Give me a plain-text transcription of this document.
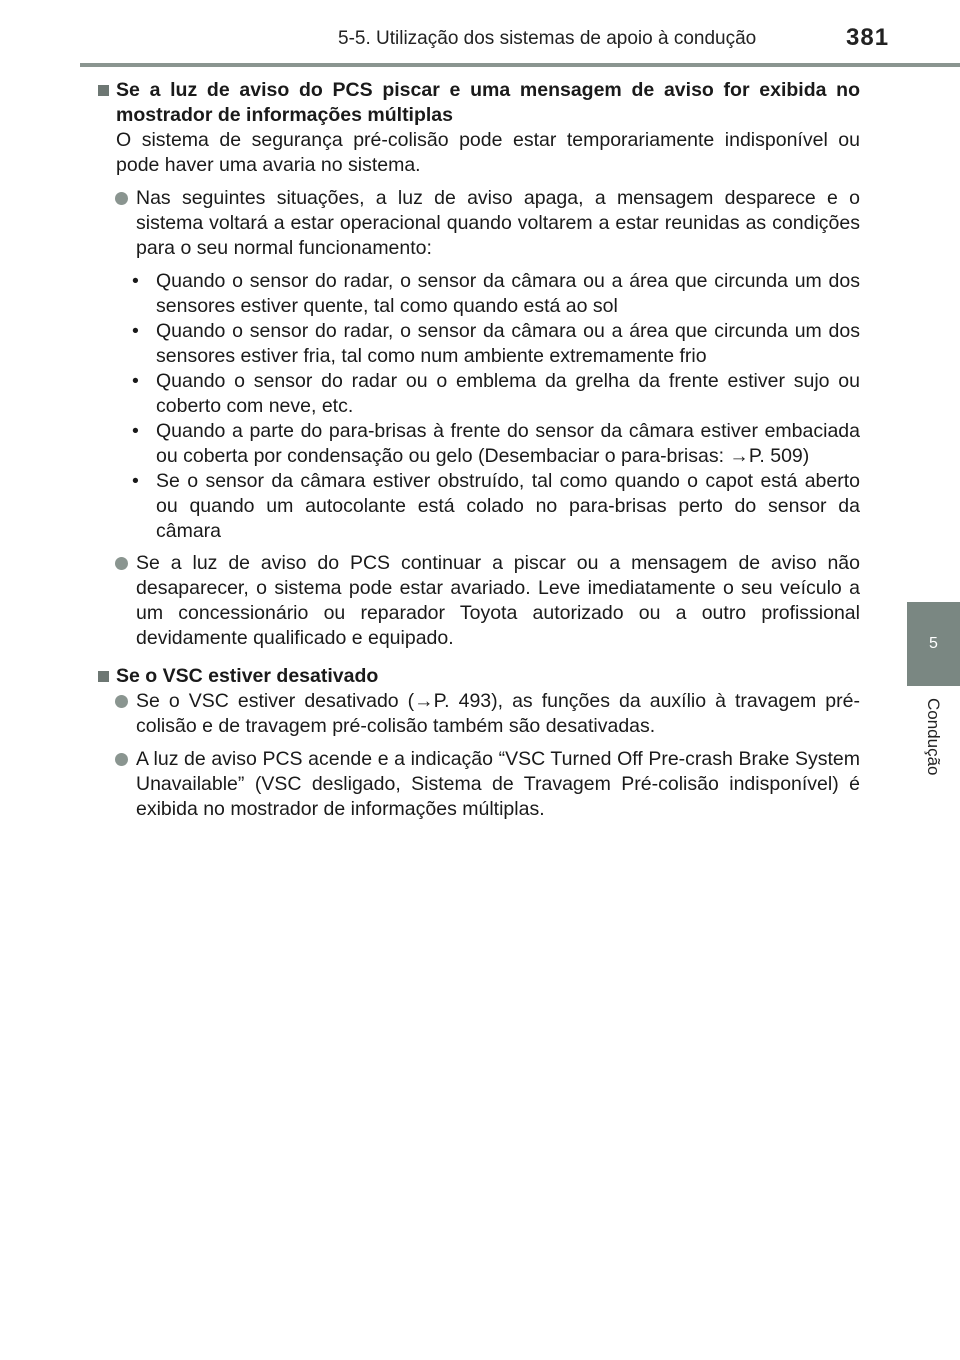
5-5. Utilização dos sistemas de apoio à condução	381
5
Condução

Se a luz de aviso do PCS piscar e uma mensagem de aviso for exibida no mostrador de informações múltiplas

O sistema de segurança pré-colisão pode estar temporariamente indisponível ou pode haver uma avaria no sistema.

Nas seguintes situações, a luz de aviso apaga, a mensagem desparece e o sistema voltará a estar operacional quando voltarem a estar reunidas as condições para o seu normal funcionamento:
• Quando o sensor do radar, o sensor da câmara ou a área que circunda um dos sensores estiver quente, tal como quando está ao sol
• Quando o sensor do radar, o sensor da câmara ou a área que circunda um dos sensores estiver fria, tal como num ambiente extremamente frio
• Quando o sensor do radar ou o emblema da grelha da frente estiver sujo ou coberto com neve, etc.
• Quando a parte do para-brisas à frente do sensor da câmara estiver embaciada ou coberta por condensação ou gelo (Desembaciar o para-brisas: →P. 509)
• Se o sensor da câmara estiver obstruído, tal como quando o capot está aberto ou quando um autocolante está colado no para-brisas perto do sensor da câmara
Se a luz de aviso do PCS continuar a piscar ou a mensagem de aviso não desaparecer, o sistema pode estar avariado. Leve imediatamente o seu veículo a um concessionário ou reparador Toyota autorizado ou a outro profissional devidamente qualificado e equipado.

Se o VSC estiver desativado

Se o VSC estiver desativado (→P. 493), as funções da auxílio à travagem pré-colisão e de travagem pré-colisão também são desativadas.
A luz de aviso PCS acende e a indicação “VSC Turned Off Pre-crash Brake System Unavailable” (VSC desligado, Sistema de Travagem Pré-colisão indisponível) é exibida no mostrador de informações múltiplas.
